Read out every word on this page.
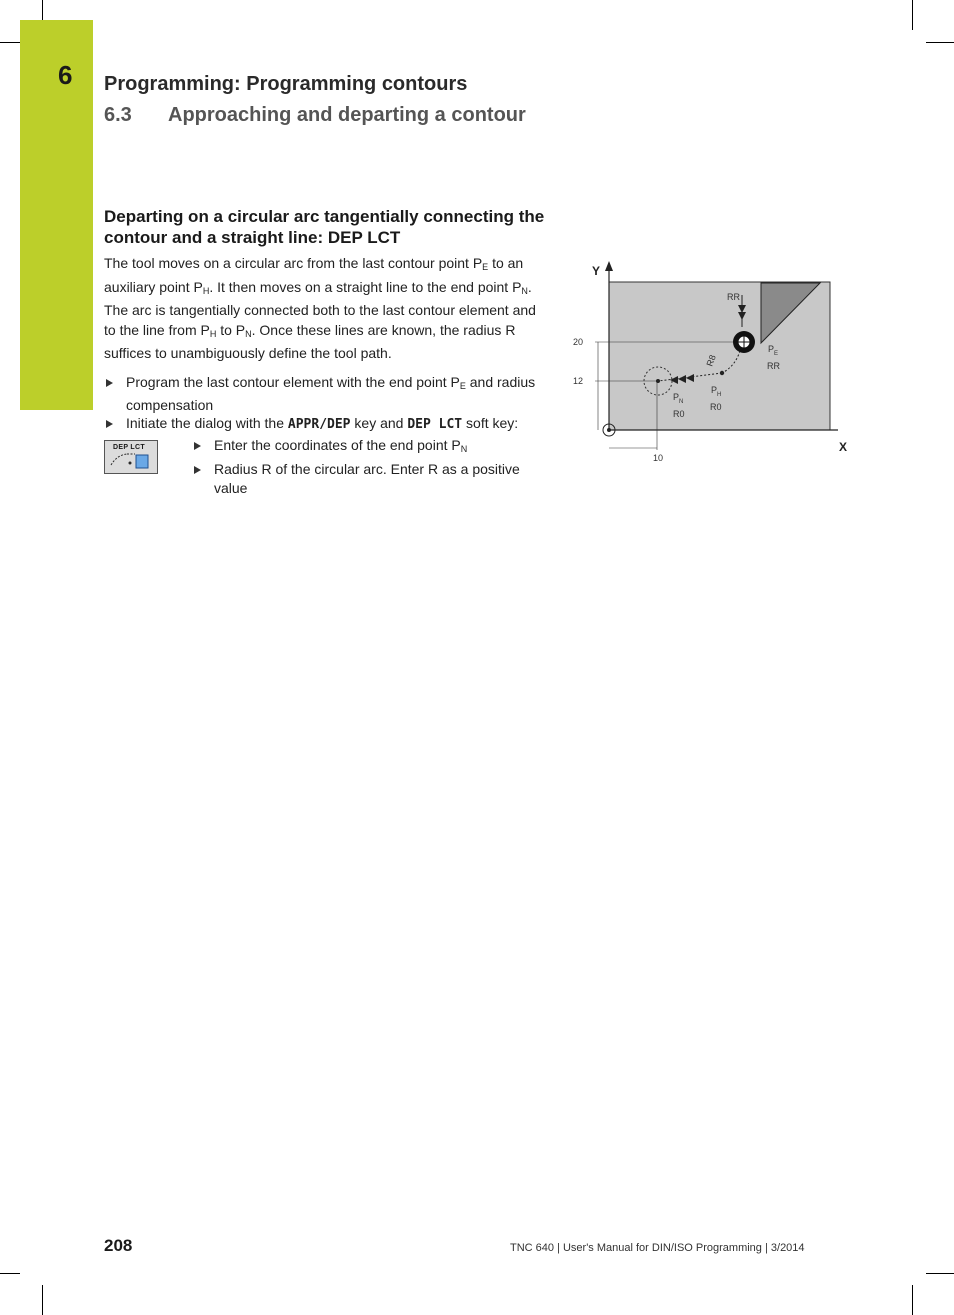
6 Programming: Programming contours
6.3 Approaching and departing a contour
Departing on a circular arc tangentially connecting the contour and a straight line: DEP LCT
The tool moves on a circular arc from the last contour point $P_E$ to an auxiliary point $P_H$. It then moves on a straight line to the end point $P_N$. The arc is tangentially connected both to the last contour element and to the line from $P_H$ to $P_N$. Once these lines are known, the radius R suffices to unambiguously define the tool path.
Program the last contour element with the end point $P_E$ and radius compensation
Initiate the dialog with the APPR/DEP key and DEP LCT soft key:
DEP LCT	Enter the coordinates of the end point $P_N$
Radius R of the circular arc. Enter R as a positive value
Y
X
20
12
10
RR
R8
$P_E$
RR
$P_H$
R0
$P_N$
R0
208	TNC 640 | User's Manual for DIN/ISO Programming | 3/2014
